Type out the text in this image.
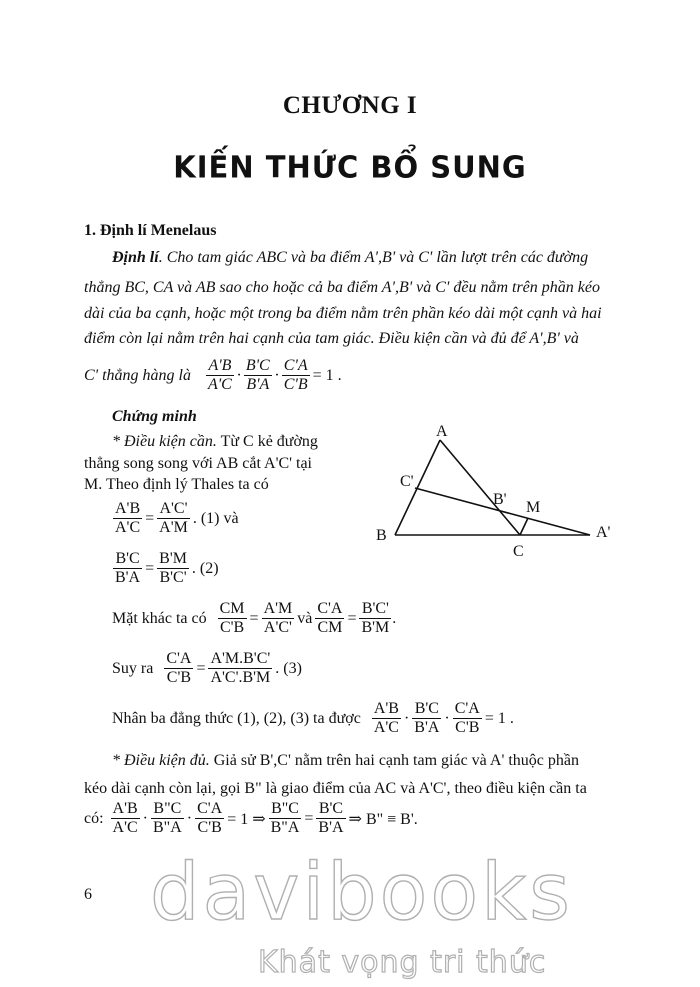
CHƯƠNG I
KIẾN THỨC BỔ SUNG
1. Định lí Menelaus
Định lí. Cho tam giác ABC và ba điểm A',B' và C' lần lượt trên các đường
thẳng BC, CA và AB sao cho hoặc cả ba điểm A',B' và C' đều nằm trên phần kéo
dài của ba cạnh, hoặc một trong ba điểm nằm trên phần kéo dài một cạnh và hai
điểm còn lại nằm trên hai cạnh của tam giác. Điều kiện cần và đủ để A',B' và
C' thẳng hàng là $\frac{A'B}{A'C} \cdot \frac{B'C}{B'A} \cdot \frac{C'A}{C'B} = 1$ .
Chứng minh
* Điều kiện cần. Từ C kẻ đường
thẳng song song với AB cắt A'C' tại
M. Theo định lý Thales ta có
$\frac{A'B}{A'C} = \frac{A'C'}{A'M}$ . (1) và
$\frac{B'C}{B'A} = \frac{B'M}{B'C'}$ . (2)
Mặt khác ta có $\frac{CM}{C'B} = \frac{A'M}{A'C'}$ và $\frac{C'A}{CM} = \frac{B'C'}{B'M}$ .
Suy ra $\frac{C'A}{C'B} = \frac{A'M.B'C'}{A'C'.B'M}$ . (3)
Nhân ba đẳng thức (1), (2), (3) ta được $\frac{A'B}{A'C} \cdot \frac{B'C}{B'A} \cdot \frac{C'A}{C'B} = 1$ .
* Điều kiện đủ. Giả sử B',C' nằm trên hai cạnh tam giác và A' thuộc phần
kéo dài cạnh còn lại, gọi B" là giao điểm của AC và A'C', theo điều kiện cần ta
có: $\frac{A'B}{A'C} \cdot \frac{B"C}{B"A} \cdot \frac{C'A}{C'B} = 1$ ⇒ $\frac{B"C}{B"A} = \frac{B'C}{B'A}$ ⇒ B" ≡ B'.
A
B
C
C'
B' M
A'
6 davibooks
Khát vọng tri thức
